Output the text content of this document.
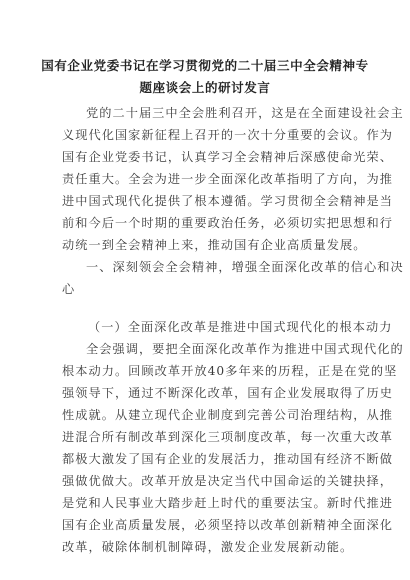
国有企业党委书记在学习贯彻党的二十届三中全会精神专
题座谈会上的研讨发言
党的二十届三中全会胜利召开，这是在全面建设社会主
义现代化国家新征程上召开的一次十分重要的会议。作为
国有企业党委书记，认真学习全会精神后深感使命光荣、
责任重大。全会为进一步全面深化改革指明了方向，为推
进中国式现代化提供了根本遵循。学习贯彻全会精神是当
前和今后一个时期的重要政治任务，必须切实把思想和行
动统一到全会精神上来，推动国有企业高质量发展。
一、深刻领会全会精神，增强全面深化改革的信心和决
心
（一）全面深化改革是推进中国式现代化的根本动力
全会强调，要把全面深化改革作为推进中国式现代化的
根本动力。回顾改革开放40多年来的历程，正是在党的坚
强领导下，通过不断深化改革，国有企业发展取得了历史
性成就。从建立现代企业制度到完善公司治理结构，从推
进混合所有制改革到深化三项制度改革，每一次重大改革
都极大激发了国有企业的发展活力，推动国有经济不断做
强做优做大。改革开放是决定当代中国命运的关键抉择，
是党和人民事业大踏步赶上时代的重要法宝。新时代推进
国有企业高质量发展，必须坚持以改革创新精神全面深化
改革，破除体制机制障碍，激发企业发展新动能。
